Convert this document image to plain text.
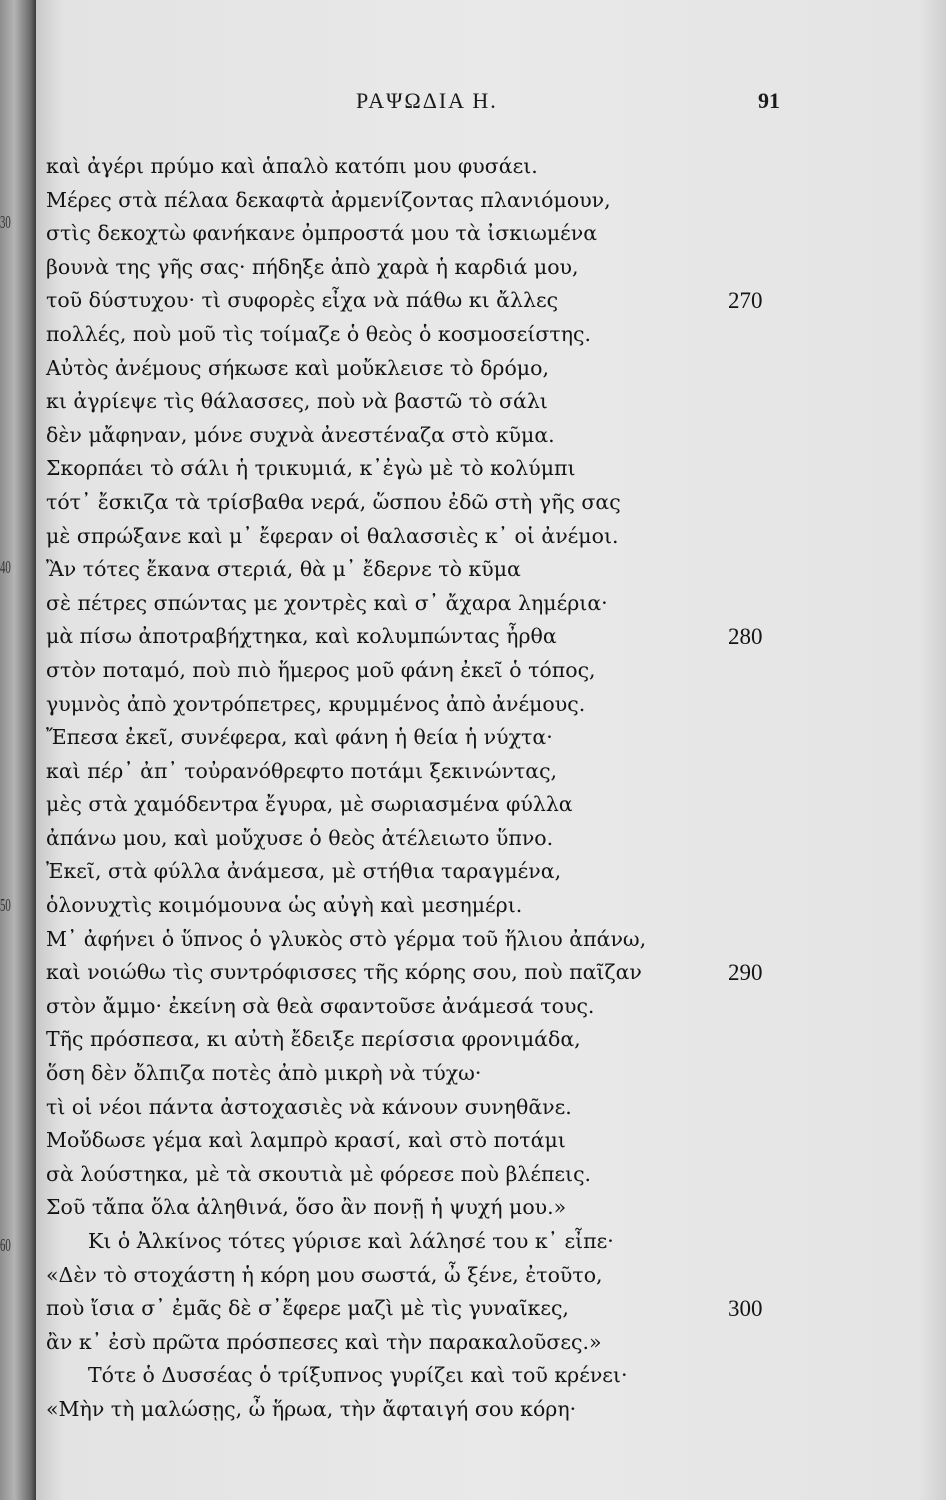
30
40
50
60
ΡΑΨΩΔΙΑ Η.	91
καὶ ἀγέρι πρύμο καὶ ἁπαλὸ κατόπι μου φυσάει.
Μέρες στὰ πέλαα δεκαφτὰ ἀρμενίζοντας πλανιόμουν,
στὶς δεκοχτὼ φανήκανε ὀμπροστά μου τὰ ἰσκιωμένα
βουνὰ της γῆς σας· πήδηξε ἀπὸ χαρὰ ἡ καρδιά μου,
τοῦ δύστυχου· τὶ συφορὲς εἶχα νὰ πάθω κι ἄλλες	270
πολλές, ποὺ μοῦ τὶς τοίμαζε ὁ θεὸς ὁ κοσμοσείστης.
Αὐτὸς ἀνέμους σήκωσε καὶ μοὔκλεισε τὸ δρόμο,
κι ἀγρίεψε τὶς θάλασσες, ποὺ νὰ βαστῶ τὸ σάλι
δὲν μἄφηναν, μόνε συχνὰ ἀνεστέναζα στὸ κῦμα.
Σκορπάει τὸ σάλι ἡ τρικυμιά, κ᾽ἐγὼ μὲ τὸ κολύμπι
τότ᾽ ἔσκιζα τὰ τρίσβαθα νερά, ὥσπου ἐδῶ στὴ γῆς σας
μὲ σπρώξανε καὶ μ᾽ ἔφεραν οἱ θαλασσιὲς κ᾽ οἱ ἀνέμοι.
Ἂν τότες ἔκανα στεριά, θὰ μ᾽ ἔδερνε τὸ κῦμα
σὲ πέτρες σπώντας με χοντρὲς καὶ σ᾽ ἄχαρα λημέρια·
μὰ πίσω ἀποτραβήχτηκα, καὶ κολυμπώντας ἦρθα	280
στὸν ποταμό, ποὺ πιὸ ἥμερος μοῦ φάνη ἐκεῖ ὁ τόπος,
γυμνὸς ἀπὸ χοντρόπετρες, κρυμμένος ἀπὸ ἀνέμους.
Ἔπεσα ἐκεῖ, συνέφερα, καὶ φάνη ἡ θεία ἡ νύχτα·
καὶ πέρ᾽ ἀπ᾽ τοὐρανόθρεφτο ποτάμι ξεκινώντας,
μὲς στὰ χαμόδεντρα ἔγυρα, μὲ σωριασμένα φύλλα
ἀπάνω μου, καὶ μοὔχυσε ὁ θεὸς ἀτέλειωτο ὕπνο.
Ἐκεῖ, στὰ φύλλα ἀνάμεσα, μὲ στήθια ταραγμένα,
ὁλονυχτὶς κοιμόμουνα ὡς αὐγὴ καὶ μεσημέρι.
Μ᾽ ἀφήνει ὁ ὕπνος ὁ γλυκὸς στὸ γέρμα τοῦ ἥλιου ἀπάνω,
καὶ νοιώθω τὶς συντρόφισσες τῆς κόρης σου, ποὺ παῖζαν	290
στὸν ἄμμο· ἐκείνη σὰ θεὰ σφαντοῦσε ἀνάμεσά τους.
Τῆς πρόσπεσα, κι αὐτὴ ἔδειξε περίσσια φρονιμάδα,
ὅση δὲν ὄλπιζα ποτὲς ἀπὸ μικρὴ νὰ τύχω·
τὶ οἱ νέοι πάντα ἀστοχασιὲς νὰ κάνουν συνηθᾶνε.
Μοὔδωσε γέμα καὶ λαμπρὸ κρασί, καὶ στὸ ποτάμι
σὰ λούστηκα, μὲ τὰ σκουτιὰ μὲ φόρεσε ποὺ βλέπεις.
Σοῦ τἄπα ὅλα ἀληθινά, ὅσο ἂν πονῇ ἡ ψυχή μου.»
Κι ὁ Ἀλκίνος τότες γύρισε καὶ λάλησέ του κ᾽ εἶπε·
«Δὲν τὸ στοχάστη ἡ κόρη μου σωστά, ὦ ξένε, ἐτοῦτο,
ποὺ ἴσια σ᾽ ἐμᾶς δὲ σ᾽ἔφερε μαζὶ μὲ τὶς γυναῖκες,	300
ἂν κ᾽ ἐσὺ πρῶτα πρόσπεσες καὶ τὴν παρακαλοῦσες.»
Τότε ὁ Δυσσέας ὁ τρίξυπνος γυρίζει καὶ τοῦ κρένει·
«Μὴν τὴ μαλώσῃς, ὦ ἥρωα, τὴν ἄφταιγή σου κόρη·
